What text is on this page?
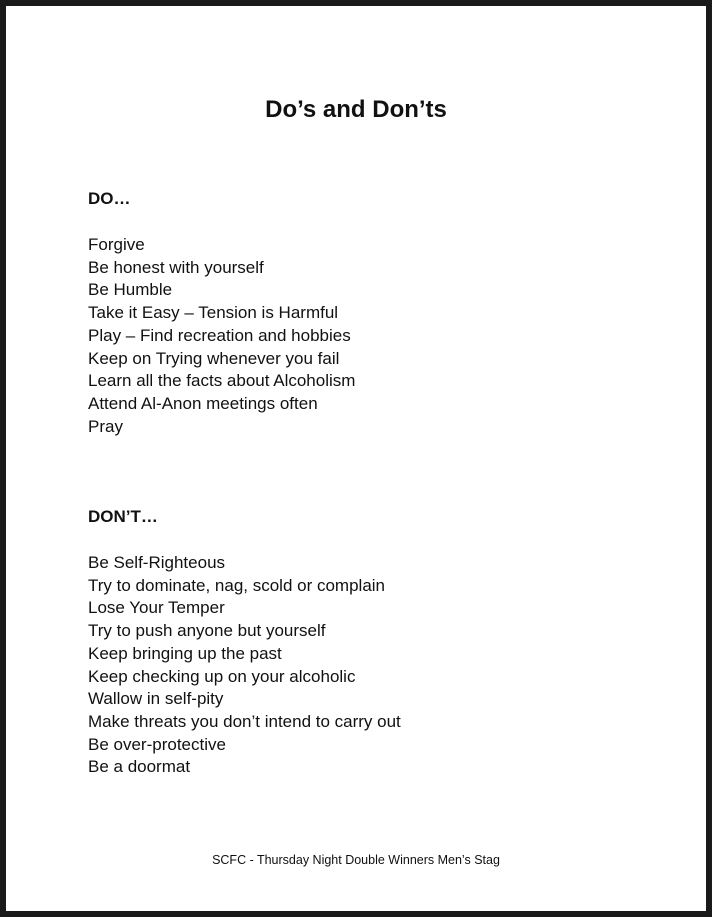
Do’s and Don’ts
DO…
Forgive
Be honest with yourself
Be Humble
Take it Easy – Tension is Harmful
Play – Find recreation and hobbies
Keep on Trying whenever you fail
Learn all the facts about Alcoholism
Attend Al-Anon meetings often
Pray
DON’T…
Be Self-Righteous
Try to dominate, nag, scold or complain
Lose Your Temper
Try to push anyone but yourself
Keep bringing up the past
Keep checking up on your alcoholic
Wallow in self-pity
Make threats you don’t intend to carry out
Be over-protective
Be a doormat
SCFC - Thursday Night Double Winners Men’s Stag
